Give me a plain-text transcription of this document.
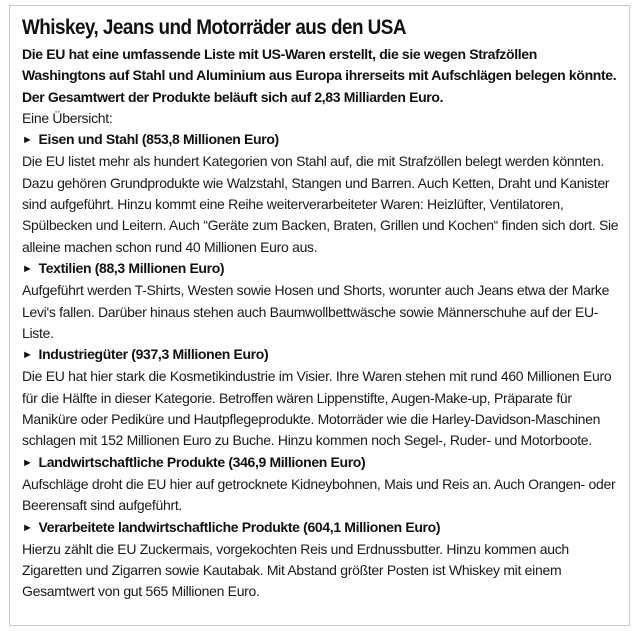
Whiskey, Jeans und Motorräder aus den USA

Die EU hat eine umfassende Liste mit US-Waren erstellt, die sie wegen Strafzöllen Washingtons auf Stahl und Aluminium aus Europa ihrerseits mit Aufschlägen belegen könnte. Der Gesamtwert der Produkte beläuft sich auf 2,83 Milliarden Euro.

Eine Übersicht:

► Eisen und Stahl (853,8 Millionen Euro)

Die EU listet mehr als hundert Kategorien von Stahl auf, die mit Strafzöllen belegt werden könnten. Dazu gehören Grundprodukte wie Walzstahl, Stangen und Barren. Auch Ketten, Draht und Kanister sind aufgeführt. Hinzu kommt eine Reihe weiterverarbeiteter Waren: Heizlüfter, Ventilatoren, Spülbecken und Leitern. Auch “Geräte zum Backen, Braten, Grillen und Kochen“ finden sich dort. Sie alleine machen schon rund 40 Millionen Euro aus.

► Textilien (88,3 Millionen Euro)

Aufgeführt werden T-Shirts, Westen sowie Hosen und Shorts, worunter auch Jeans etwa der Marke Levi's fallen. Darüber hinaus stehen auch Baumwollbettwäsche sowie Männerschuhe auf der EU-Liste.

► Industriegüter (937,3 Millionen Euro)

Die EU hat hier stark die Kosmetikindustrie im Visier. Ihre Waren stehen mit rund 460 Millionen Euro für die Hälfte in dieser Kategorie. Betroffen wären Lippenstifte, Augen-Make-up, Präparate für Maniküre oder Pediküre und Hautpflegeprodukte. Motorräder wie die Harley-Davidson-Maschinen schlagen mit 152 Millionen Euro zu Buche. Hinzu kommen noch Segel-, Ruder- und Motorboote.

► Landwirtschaftliche Produkte (346,9 Millionen Euro)

Aufschläge droht die EU hier auf getrocknete Kidneybohnen, Mais und Reis an. Auch Orangen- oder Beerensaft sind aufgeführt.

► Verarbeitete landwirtschaftliche Produkte (604,1 Millionen Euro)

Hierzu zählt die EU Zuckermais, vorgekochten Reis und Erdnussbutter. Hinzu kommen auch Zigaretten und Zigarren sowie Kautabak. Mit Abstand größter Posten ist Whiskey mit einem Gesamtwert von gut 565 Millionen Euro.
